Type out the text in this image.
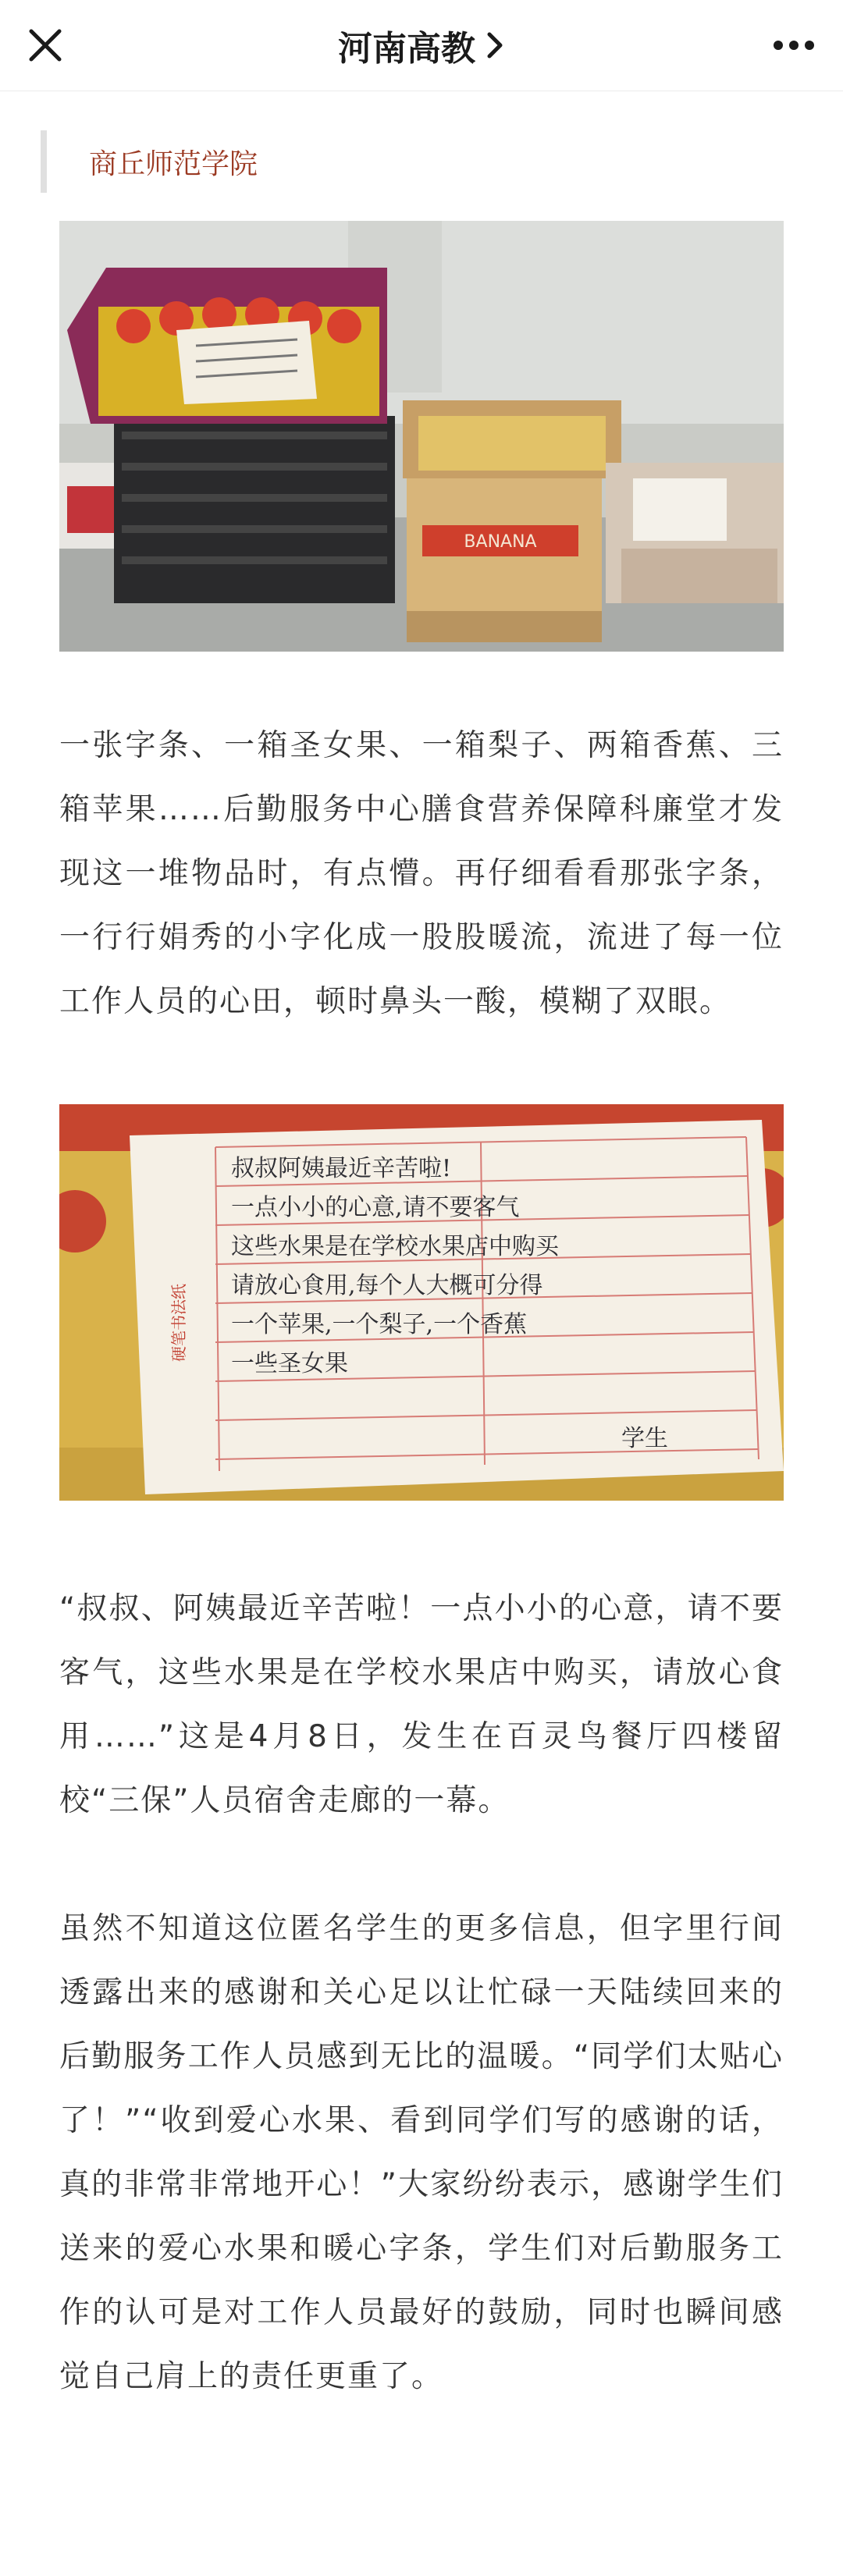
河南高教
商丘师范学院
BANANA

一张字条、一箱圣女果、一箱梨子、两箱香蕉、三箱苹果……后勤服务中心膳食营养保障科廉堂才发现这一堆物品时，有点懵。再仔细看看那张字条，一行行娟秀的小字化成一股股暖流，流进了每一位工作人员的心田，顿时鼻头一酸，模糊了双眼。

硬笔书法纸
叔叔阿姨最近辛苦啦!
一点小小的心意,请不要客气
这些水果是在学校水果店中购买
请放心食用,每个人大概可分得
一个苹果,一个梨子,一个香蕉
一些圣女果
学生

“叔叔、阿姨最近辛苦啦！一点小小的心意，请不要客气，这些水果是在学校水果店中购买，请放心食用……”这是4月8日，发生在百灵鸟餐厅四楼留校“三保”人员宿舍走廊的一幕。

虽然不知道这位匿名学生的更多信息，但字里行间透露出来的感谢和关心足以让忙碌一天陆续回来的后勤服务工作人员感到无比的温暖。“同学们太贴心了！”“收到爱心水果、看到同学们写的感谢的话，真的非常非常地开心！”大家纷纷表示，感谢学生们送来的爱心水果和暖心字条，学生们对后勤服务工作的认可是对工作人员最好的鼓励，同时也瞬间感觉自己肩上的责任更重了。
